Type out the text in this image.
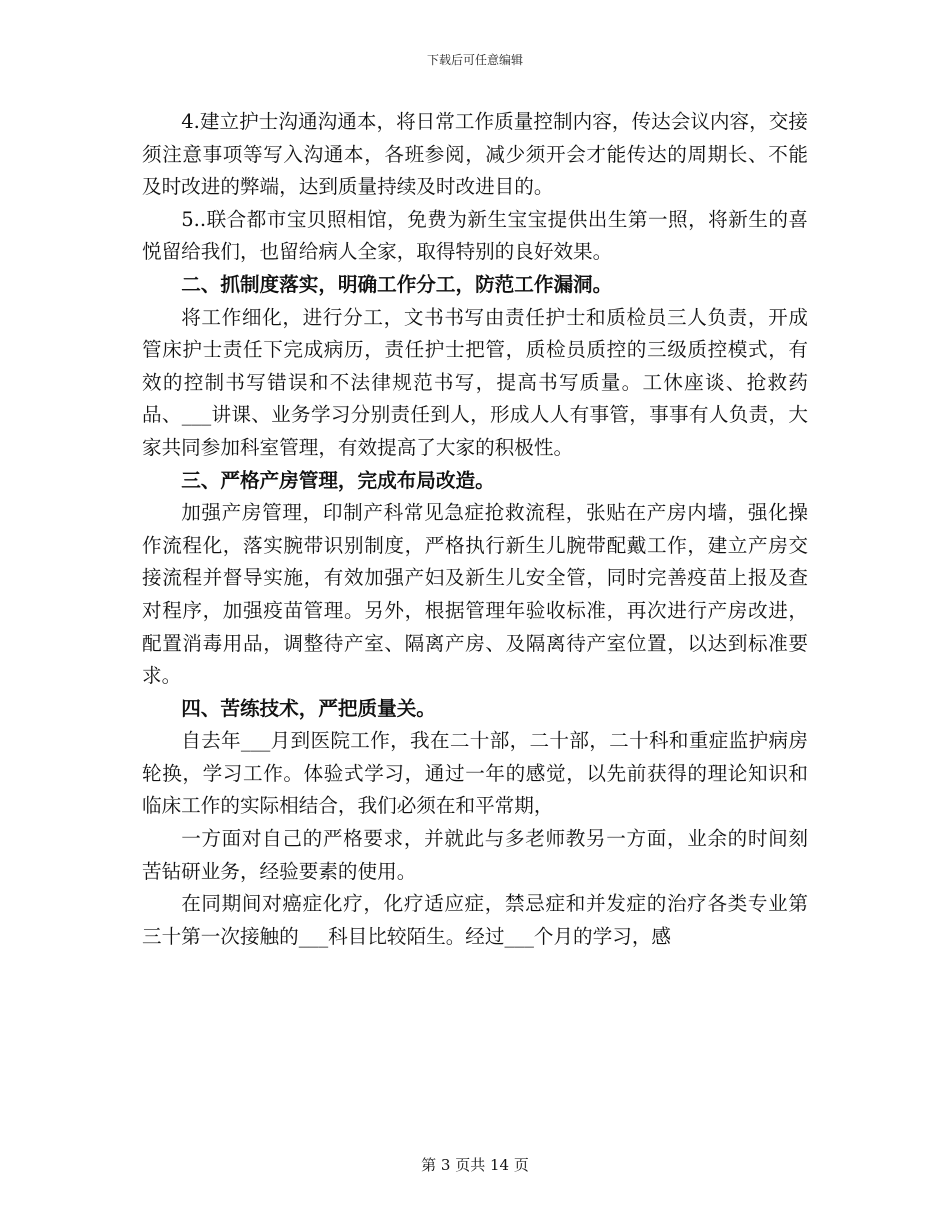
下载后可任意编辑

4.建立护士沟通沟通本，将日常工作质量控制内容，传达会议内容，交接须注意事项等写入沟通本，各班参阅，减少须开会才能传达的周期长、不能及时改进的弊端，达到质量持续及时改进目的。

5..联合都市宝贝照相馆，免费为新生宝宝提供出生第一照，将新生的喜悦留给我们，也留给病人全家，取得特别的良好效果。

二、抓制度落实，明确工作分工，防范工作漏洞。

将工作细化，进行分工，文书书写由责任护士和质检员三人负责，开成管床护士责任下完成病历，责任护士把管，质检员质控的三级质控模式，有效的控制书写错误和不法律规范书写，提高书写质量。工休座谈、抢救药品、___讲课、业务学习分别责任到人，形成人人有事管，事事有人负责，大家共同参加科室管理，有效提高了大家的积极性。

三、严格产房管理，完成布局改造。

加强产房管理，印制产科常见急症抢救流程，张贴在产房内墙，强化操作流程化，落实腕带识别制度，严格执行新生儿腕带配戴工作，建立产房交接流程并督导实施，有效加强产妇及新生儿安全管，同时完善疫苗上报及查对程序，加强疫苗管理。另外，根据管理年验收标准，再次进行产房改进，配置消毒用品，调整待产室、隔离产房、及隔离待产室位置，以达到标准要求。

四、苦练技术，严把质量关。

自去年___月到医院工作，我在二十部，二十部，二十科和重症监护病房轮换，学习工作。体验式学习，通过一年的感觉，以先前获得的理论知识和临床工作的实际相结合，我们必须在和平常期，

一方面对自己的严格要求，并就此与多老师教另一方面，业余的时间刻苦钻研业务，经验要素的使用。

在同期间对癌症化疗，化疗适应症，禁忌症和并发症的治疗各类专业第三十第一次接触的___科目比较陌生。经过___个月的学习，感

第 3 页共 14 页
